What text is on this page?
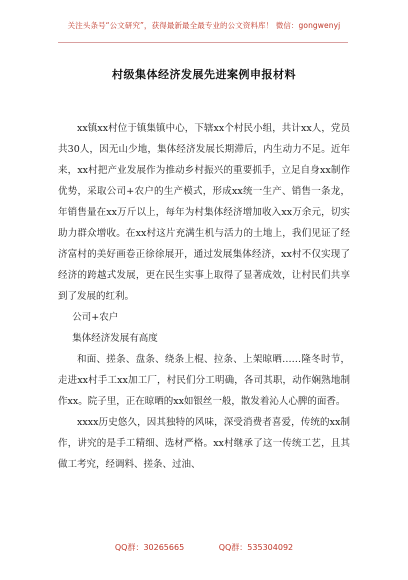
关注头条号“公文研究”，获得最新最全最专业的公文资料库！ 微信：gongwenyj
村级集体经济发展先进案例申报材料

xx镇xx村位于镇集镇中心，下辖xx个村民小组，共计xx人，党员共30人，因无山少地，集体经济发展长期滞后，内生动力不足。近年来，xx村把产业发展作为推动乡村振兴的重要抓手，立足自身xx制作优势，采取公司+农户的生产模式，形成xx统一生产、销售一条龙，年销售量在xx万斤以上，每年为村集体经济增加收入xx万余元，切实助力群众增收。在xx村这片充满生机与活力的土地上，我们见证了经济富村的美好画卷正徐徐展开，通过发展集体经济，xx村不仅实现了经济的跨越式发展，更在民生实事上取得了显著成效，让村民们共享到了发展的红利。

公司+农户

集体经济发展有高度

和面、搓条、盘条、绕条上棍、拉条、上架晾晒……隆冬时节，走进xx村手工xx加工厂，村民们分工明确，各司其职，动作娴熟地制作xx。院子里，正在晾晒的xx如银丝一般，散发着沁人心脾的面香。

xxxx历史悠久，因其独特的风味，深受消费者喜爱，传统的xx制作，讲究的是手工精细、选材严格。xx村继承了这一传统工艺，且其做工考究，经调料、搓条、过油、

QQ群：30265665	QQ群：535304092
